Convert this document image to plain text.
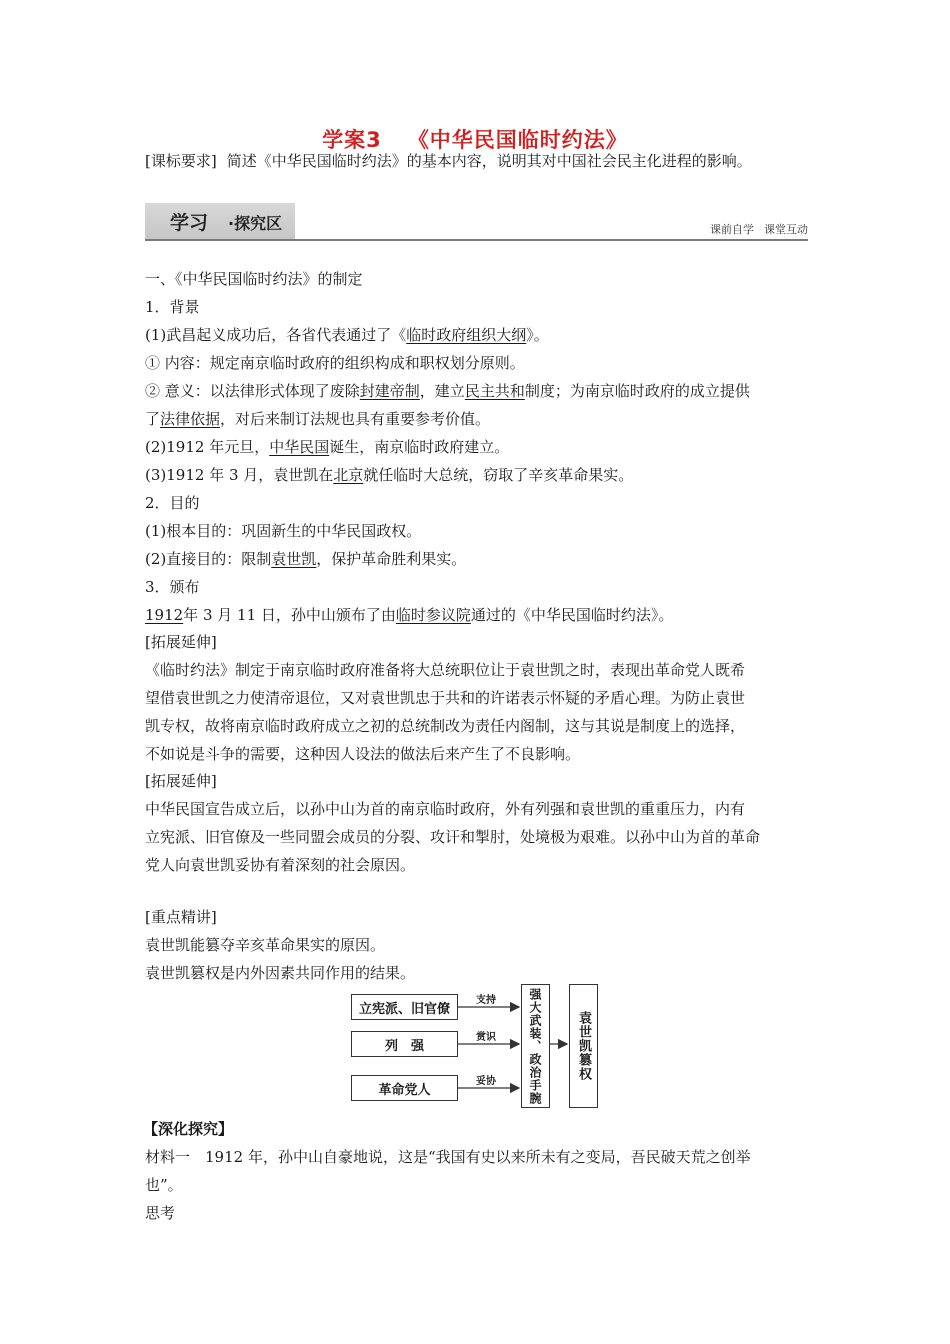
学案3 《中华民国临时约法》
[课标要求] 简述《中华民国临时约法》的基本内容，说明其对中国社会民主化进程的影响。
学习 ·探究区	课前自学 课堂互动
一、《中华民国临时约法》的制定
1．背景
(1)武昌起义成功后，各省代表通过了《临时政府组织大纲》。
① 内容：规定南京临时政府的组织构成和职权划分原则。
② 意义：以法律形式体现了废除封建帝制，建立民主共和制度；为南京临时政府的成立提供
了法律依据，对后来制订法规也具有重要参考价值。
(2)1912 年元旦，中华民国诞生，南京临时政府建立。
(3)1912 年 3 月，袁世凯在北京就任临时大总统，窃取了辛亥革命果实。
2．目的
(1)根本目的：巩固新生的中华民国政权。
(2)直接目的：限制袁世凯，保护革命胜利果实。
3．颁布
1912年 3 月 11 日，孙中山颁布了由临时参议院通过的《中华民国临时约法》。
[拓展延伸]
《临时约法》制定于南京临时政府准备将大总统职位让于袁世凯之时，表现出革命党人既希
望借袁世凯之力使清帝退位，又对袁世凯忠于共和的许诺表示怀疑的矛盾心理。为防止袁世
凯专权，故将南京临时政府成立之初的总统制改为责任内阁制，这与其说是制度上的选择，
不如说是斗争的需要，这种因人设法的做法后来产生了不良影响。
[拓展延伸]
中华民国宣告成立后，以孙中山为首的南京临时政府，外有列强和袁世凯的重重压力，内有
立宪派、旧官僚及一些同盟会成员的分裂、攻讦和掣肘，处境极为艰难。以孙中山为首的革命
党人向袁世凯妥协有着深刻的社会原因。
[重点精讲]
袁世凯能篡夺辛亥革命果实的原因。
袁世凯篡权是内外因素共同作用的结果。
立宪派、旧官僚
列　强
革命党人
支持
赏识
妥协	强大武装、政治手腕	袁世凯篡权
【深化探究】
材料一　1912 年，孙中山自豪地说，这是“我国有史以来所未有之变局，吾民破天荒之创举
也”。
思考
